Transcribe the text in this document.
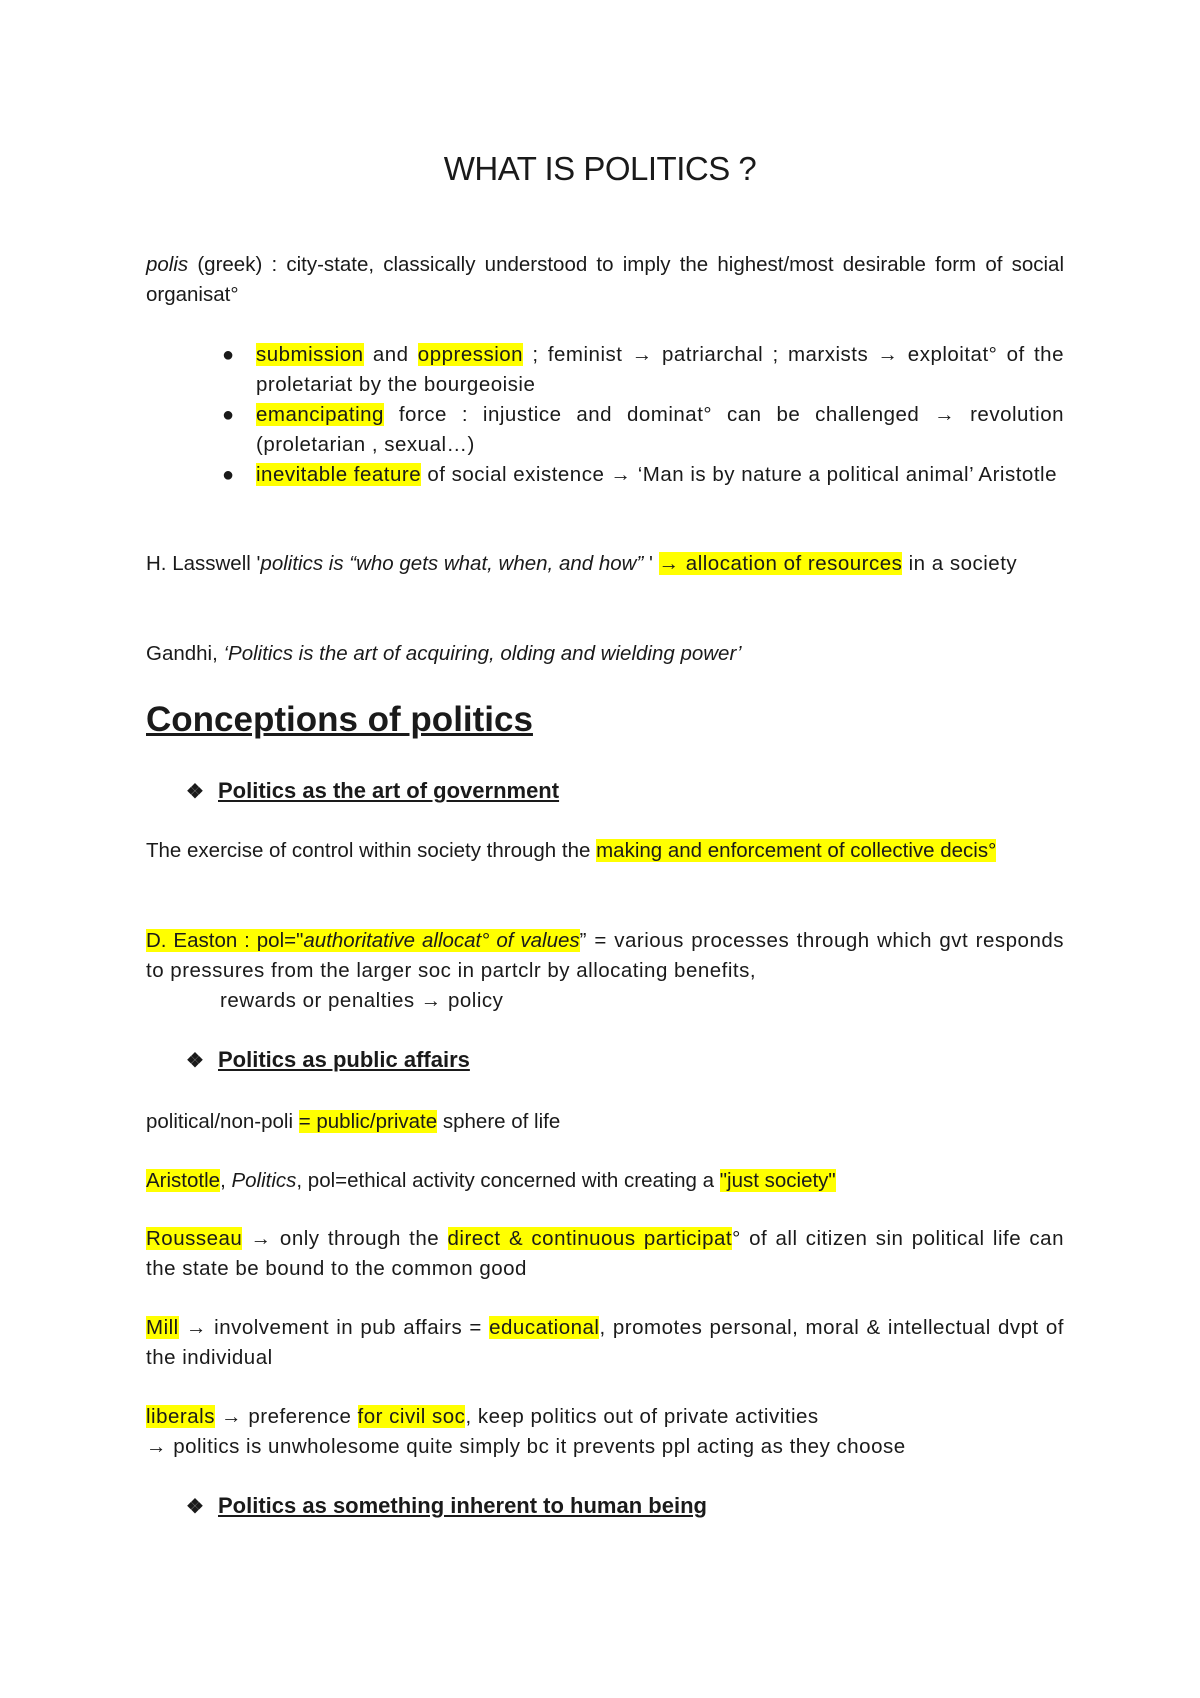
WHAT IS POLITICS ?
polis (greek) : city-state, classically understood to imply the highest/most desirable form of social organisat°
● submission and oppression ; feminist → patriarchal ; marxists → exploitat° of the proletariat by the bourgeoisie
● emancipating force : injustice and dominat° can be challenged → revolution (proletarian , sexual…)
● inevitable feature of social existence → ‘Man is by nature a political animal’ Aristotle
H. Lasswell 'politics is “who gets what, when, and how” ' → allocation of resources in a society
Gandhi, ‘Politics is the art of acquiring, olding and wielding power’
Conceptions of politics
❖ Politics as the art of government
The exercise of control within society through the making and enforcement of collective decis°
D. Easton : pol="authoritative allocat° of values” = various processes through which gvt responds to pressures from the larger soc in partclr by allocating benefits,
rewards or penalties → policy
❖ Politics as public affairs
political/non-poli = public/private sphere of life
Aristotle, Politics, pol=ethical activity concerned with creating a "just society"
Rousseau → only through the direct & continuous participat° of all citizen sin political life can the state be bound to the common good
Mill → involvement in pub affairs = educational, promotes personal, moral & intellectual dvpt of the individual
liberals → preference for civil soc, keep politics out of private activities
→ politics is unwholesome quite simply bc it prevents ppl acting as they choose
❖ Politics as something inherent to human being
